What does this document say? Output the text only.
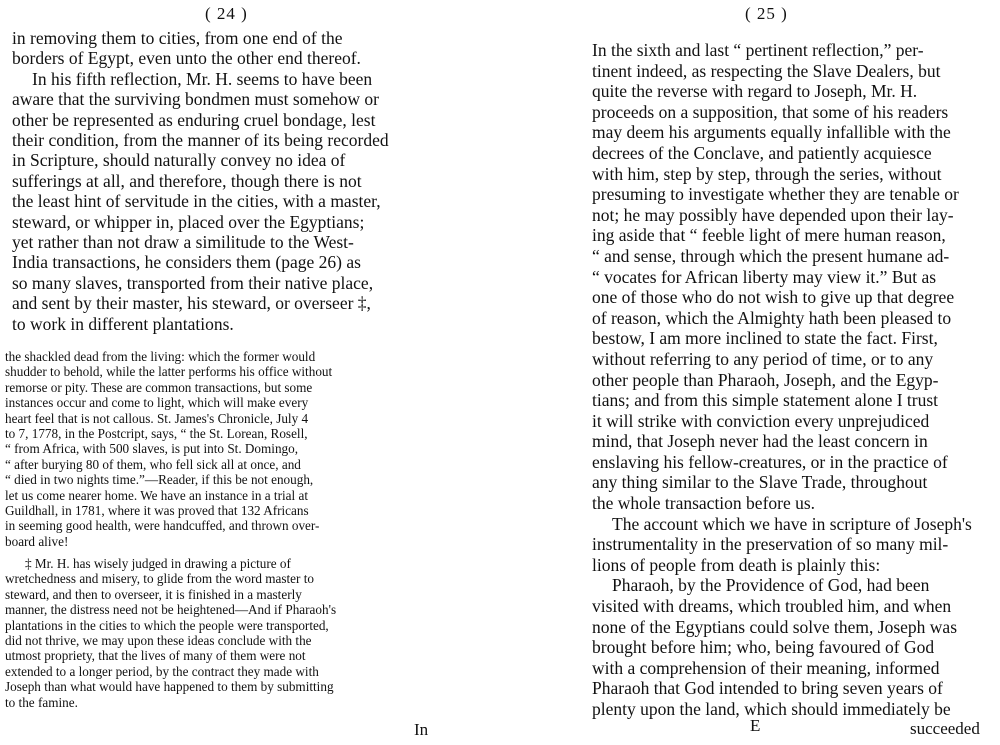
( 24 )
in removing them to cities, from one end of the
borders of Egypt, even unto the other end thereof.
In his fifth reflection, Mr. H. seems to have been
aware that the surviving bondmen must somehow or
other be represented as enduring cruel bondage, lest
their condition, from the manner of its being recorded
in Scripture, should naturally convey no idea of
sufferings at all, and therefore, though there is not
the least hint of servitude in the cities, with a master,
steward, or whipper in, placed over the Egyptians;
yet rather than not draw a similitude to the West-
India transactions, he considers them (page 26) as
so many slaves, transported from their native place,
and sent by their master, his steward, or overseer ‡,
to work in different plantations.
the shackled dead from the living: which the former would
shudder to behold, while the latter performs his office without
remorse or pity. These are common transactions, but some
instances occur and come to light, which will make every
heart feel that is not callous. St. James's Chronicle, July 4
to 7, 1778, in the Postcript, says, “ the St. Lorean, Rosell,
“ from Africa, with 500 slaves, is put into St. Domingo,
“ after burying 80 of them, who fell sick all at once, and
“ died in two nights time.”—Reader, if this be not enough,
let us come nearer home. We have an instance in a trial at
Guildhall, in 1781, where it was proved that 132 Africans
in seeming good health, were handcuffed, and thrown over-
board alive!
‡ Mr. H. has wisely judged in drawing a picture of
wretchedness and misery, to glide from the word master to
steward, and then to overseer, it is finished in a masterly
manner, the distress need not be heightened—And if Pharaoh's
plantations in the cities to which the people were transported,
did not thrive, we may upon these ideas conclude with the
utmost propriety, that the lives of many of them were not
extended to a longer period, by the contract they made with
Joseph than what would have happened to them by submitting
to the famine.
In
( 25 )
In the sixth and last “ pertinent reflection,” per-
tinent indeed, as respecting the Slave Dealers, but
quite the reverse with regard to Joseph, Mr. H.
proceeds on a supposition, that some of his readers
may deem his arguments equally infallible with the
decrees of the Conclave, and patiently acquiesce
with him, step by step, through the series, without
presuming to investigate whether they are tenable or
not; he may possibly have depended upon their lay-
ing aside that “ feeble light of mere human reason,
“ and sense, through which the present humane ad-
“ vocates for African liberty may view it.” But as
one of those who do not wish to give up that degree
of reason, which the Almighty hath been pleased to
bestow, I am more inclined to state the fact. First,
without referring to any period of time, or to any
other people than Pharaoh, Joseph, and the Egyp-
tians; and from this simple statement alone I trust
it will strike with conviction every unprejudiced
mind, that Joseph never had the least concern in
enslaving his fellow-creatures, or in the practice of
any thing similar to the Slave Trade, throughout
the whole transaction before us.
The account which we have in scripture of Joseph's
instrumentality in the preservation of so many mil-
lions of people from death is plainly this:
Pharaoh, by the Providence of God, had been
visited with dreams, which troubled him, and when
none of the Egyptians could solve them, Joseph was
brought before him; who, being favoured of God
with a comprehension of their meaning, informed
Pharaoh that God intended to bring seven years of
plenty upon the land, which should immediately be
E	succeeded
